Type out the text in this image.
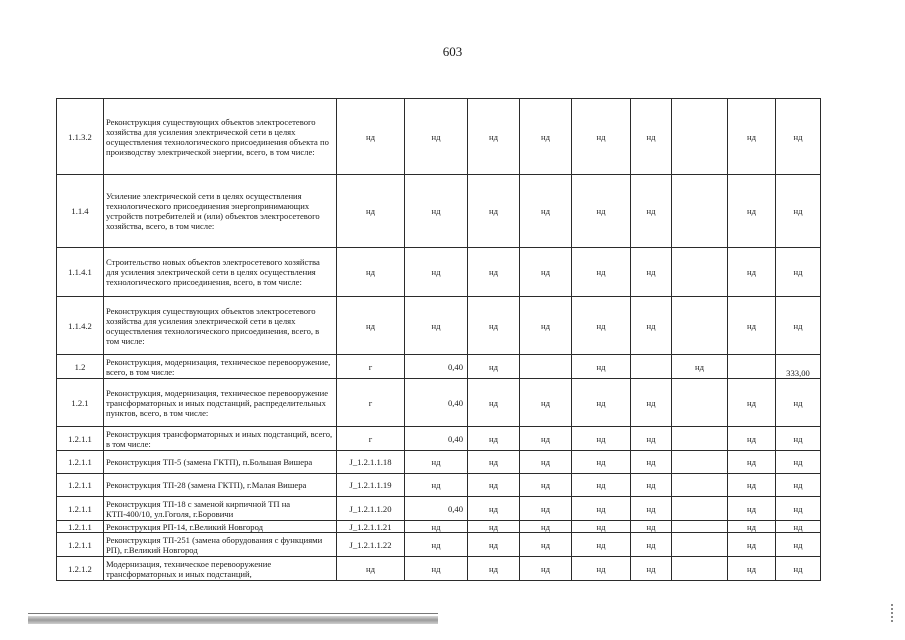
603
1.1.3.2	Реконструкция существующих объектов электросетевого хозяйства для усиления электрической сети в целях осуществления технологического присоединения объекта по производству электрической энергии, всего, в том числе:	нд	нд	нд	нд	нд	нд		нд	нд
1.1.4	Усиление электрической сети в целях осуществления технологического присоединения энергопринимающих устройств потребителей и (или) объектов электросетевого хозяйства, всего, в том числе:	нд	нд	нд	нд	нд	нд		нд	нд
1.1.4.1	Строительство новых объектов электросетевого хозяйства для усиления электрической сети в целях осуществления технологического присоединения, всего, в том числе:	нд	нд	нд	нд	нд	нд		нд	нд
1.1.4.2	Реконструкция существующих объектов электросетевого хозяйства для усиления электрической сети в целях осуществления технологического присоединения, всего, в том числе:	нд	нд	нд	нд	нд	нд		нд	нд
1.2	Реконструкция, модернизация, техническое перевооружение, всего, в том числе:	г	0,40	нд		нд		нд		333,00
1.2.1	Реконструкция, модернизация, техническое перевооружение трансформаторных и иных подстанций, распределительных пунктов, всего, в том числе:	г	0,40	нд	нд	нд	нд		нд	нд
1.2.1.1	Реконструкция трансформаторных и иных подстанций, всего, в том числе:	г	0,40	нд	нд	нд	нд		нд	нд
1.2.1.1	Реконструкция ТП-5 (замена ГКТП), п.Большая Вишера	J_1.2.1.1.18	нд	нд	нд	нд	нд		нд	нд
1.2.1.1	Реконструкция ТП-28 (замена ГКТП), г.Малая Вишера	J_1.2.1.1.19	нд	нд	нд	нд	нд		нд	нд
1.2.1.1	Реконструкция ТП-18 с заменой кирпичной ТП на КТП-400/10, ул.Гоголя, г.Боровичи	J_1.2.1.1.20	0,40	нд	нд	нд	нд		нд	нд
1.2.1.1	Реконструкция РП-14, г.Великий Новгород	J_1.2.1.1.21	нд	нд	нд	нд	нд		нд	нд
1.2.1.1	Реконструкция ТП-251 (замена оборудования с функциями РП), г.Великий Новгород	J_1.2.1.1.22	нд	нд	нд	нд	нд		нд	нд
1.2.1.2	Модернизация, техническое перевооружение трансформаторных и иных подстанций,	нд	нд	нд	нд	нд	нд		нд	нд
